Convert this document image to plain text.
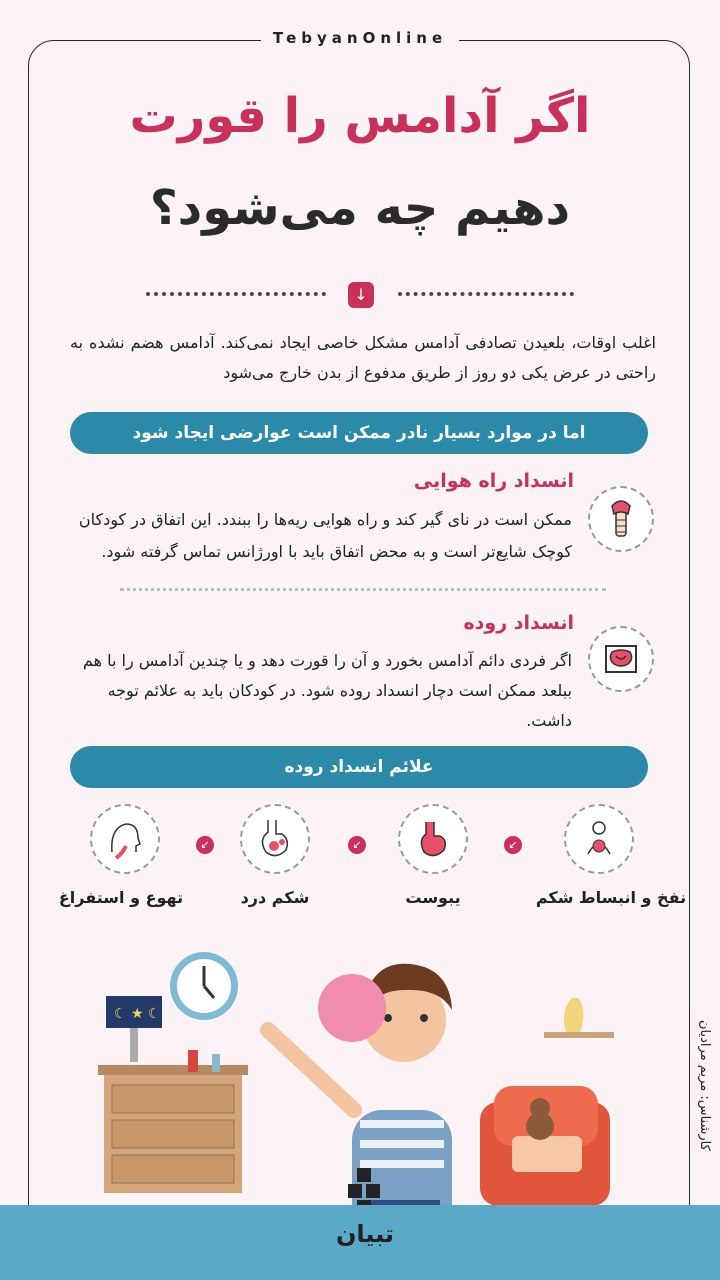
TebyanOnline
اگر آدامس را قورت
دهیم چه می‌شود؟
↓
اغلب اوقات، بلعیدن تصادفی آدامس مشکل خاصی ایجاد نمی‌کند. آدامس هضم نشده به راحتی در عرض یکی دو روز از طریق مدفوع از بدن خارج می‌شود
اما در موارد بسیار نادر ممکن است عوارضی ایجاد شود
انسداد راه هوایی
ممکن است در نای گیر کند و راه هوایی ریه‌ها را ببندد. این اتفاق در کودکان کوچک شایع‌تر است و به محض اتفاق باید با اورژانس تماس گرفته شود.
انسداد روده
اگر فردی دائم آدامس بخورد و آن را قورت دهد و یا چندین آدامس را با هم ببلعد ممکن است دچار انسداد روده شود. در کودکان باید به علائم توجه داشت.
علائم انسداد روده
نفخ و انبساط شکم
↙
یبوست
↙
شکم درد
↙
تهوع و استفراغ
☾ ★ ☾
تبیان
کارشناس: مریم مرادیان
